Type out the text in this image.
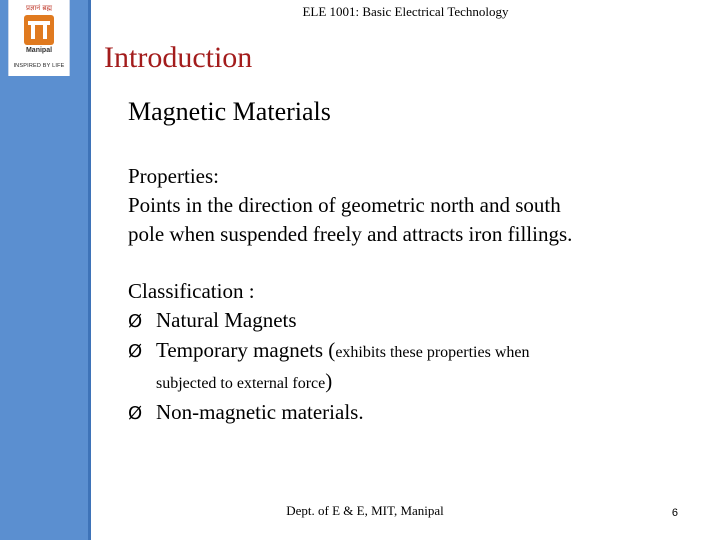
प्रज्ञानं ब्रह्म
Manipal
INSPIRED BY LIFE
ELE 1001: Basic Electrical Technology
Introduction
Magnetic Materials
Properties:
Points in the direction of geometric north and south
pole when suspended freely and attracts iron fillings.
Classification :
Ø Natural Magnets
Ø Temporary magnets (exhibits these properties when
subjected to external force)
Ø Non-magnetic materials.
Dept. of E & E, MIT, Manipal	6
